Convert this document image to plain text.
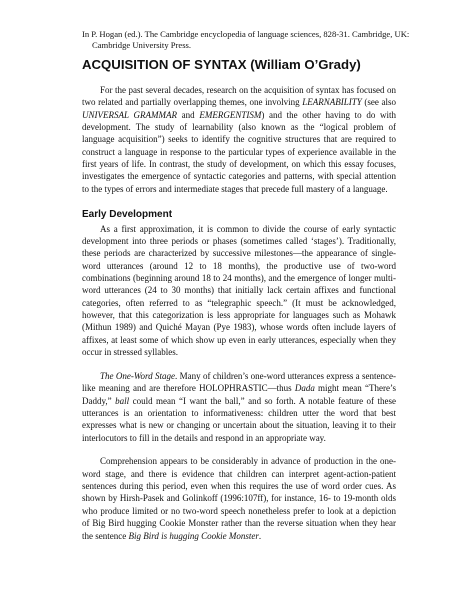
In P. Hogan (ed.). The Cambridge encyclopedia of language sciences, 828-31. Cambridge, UK:
Cambridge University Press.
ACQUISITION OF SYNTAX (William O’Grady)

For the past several decades, research on the acquisition of syntax has focused on two related and partially overlapping themes, one involving LEARNABILITY (see also UNIVERSAL GRAMMAR and EMERGENTISM) and the other having to do with development. The study of learnability (also known as the “logical problem of language acquisition”) seeks to identify the cognitive structures that are required to construct a language in response to the particular types of experience available in the first years of life. In contrast, the study of development, on which this essay focuses, investigates the emergence of syntactic categories and patterns, with special attention to the types of errors and intermediate stages that precede full mastery of a language.

Early Development

As a first approximation, it is common to divide the course of early syntactic development into three periods or phases (sometimes called ‘stages’). Traditionally, these periods are characterized by successive milestones—the appearance of single-word utterances (around 12 to 18 months), the productive use of two-word combinations (beginning around 18 to 24 months), and the emergence of longer multi-word utterances (24 to 30 months) that initially lack certain affixes and functional categories, often referred to as “telegraphic speech.” (It must be acknowledged, however, that this categorization is less appropriate for languages such as Mohawk (Mithun 1989) and Quiché Mayan (Pye 1983), whose words often include layers of affixes, at least some of which show up even in early utterances, especially when they occur in stressed syllables.

The One-Word Stage. Many of children’s one-word utterances express a sentence-like meaning and are therefore HOLOPHRASTIC—thus Dada might mean “There’s Daddy,” ball could mean “I want the ball,” and so forth. A notable feature of these utterances is an orientation to informativeness: children utter the word that best expresses what is new or changing or uncertain about the situation, leaving it to their interlocutors to fill in the details and respond in an appropriate way.

Comprehension appears to be considerably in advance of production in the one-word stage, and there is evidence that children can interpret agent-action-patient sentences during this period, even when this requires the use of word order cues. As shown by Hirsh-Pasek and Golinkoff (1996:107ff), for instance, 16- to 19-month olds who produce limited or no two-word speech nonetheless prefer to look at a depiction of Big Bird hugging Cookie Monster rather than the reverse situation when they hear the sentence Big Bird is hugging Cookie Monster.
